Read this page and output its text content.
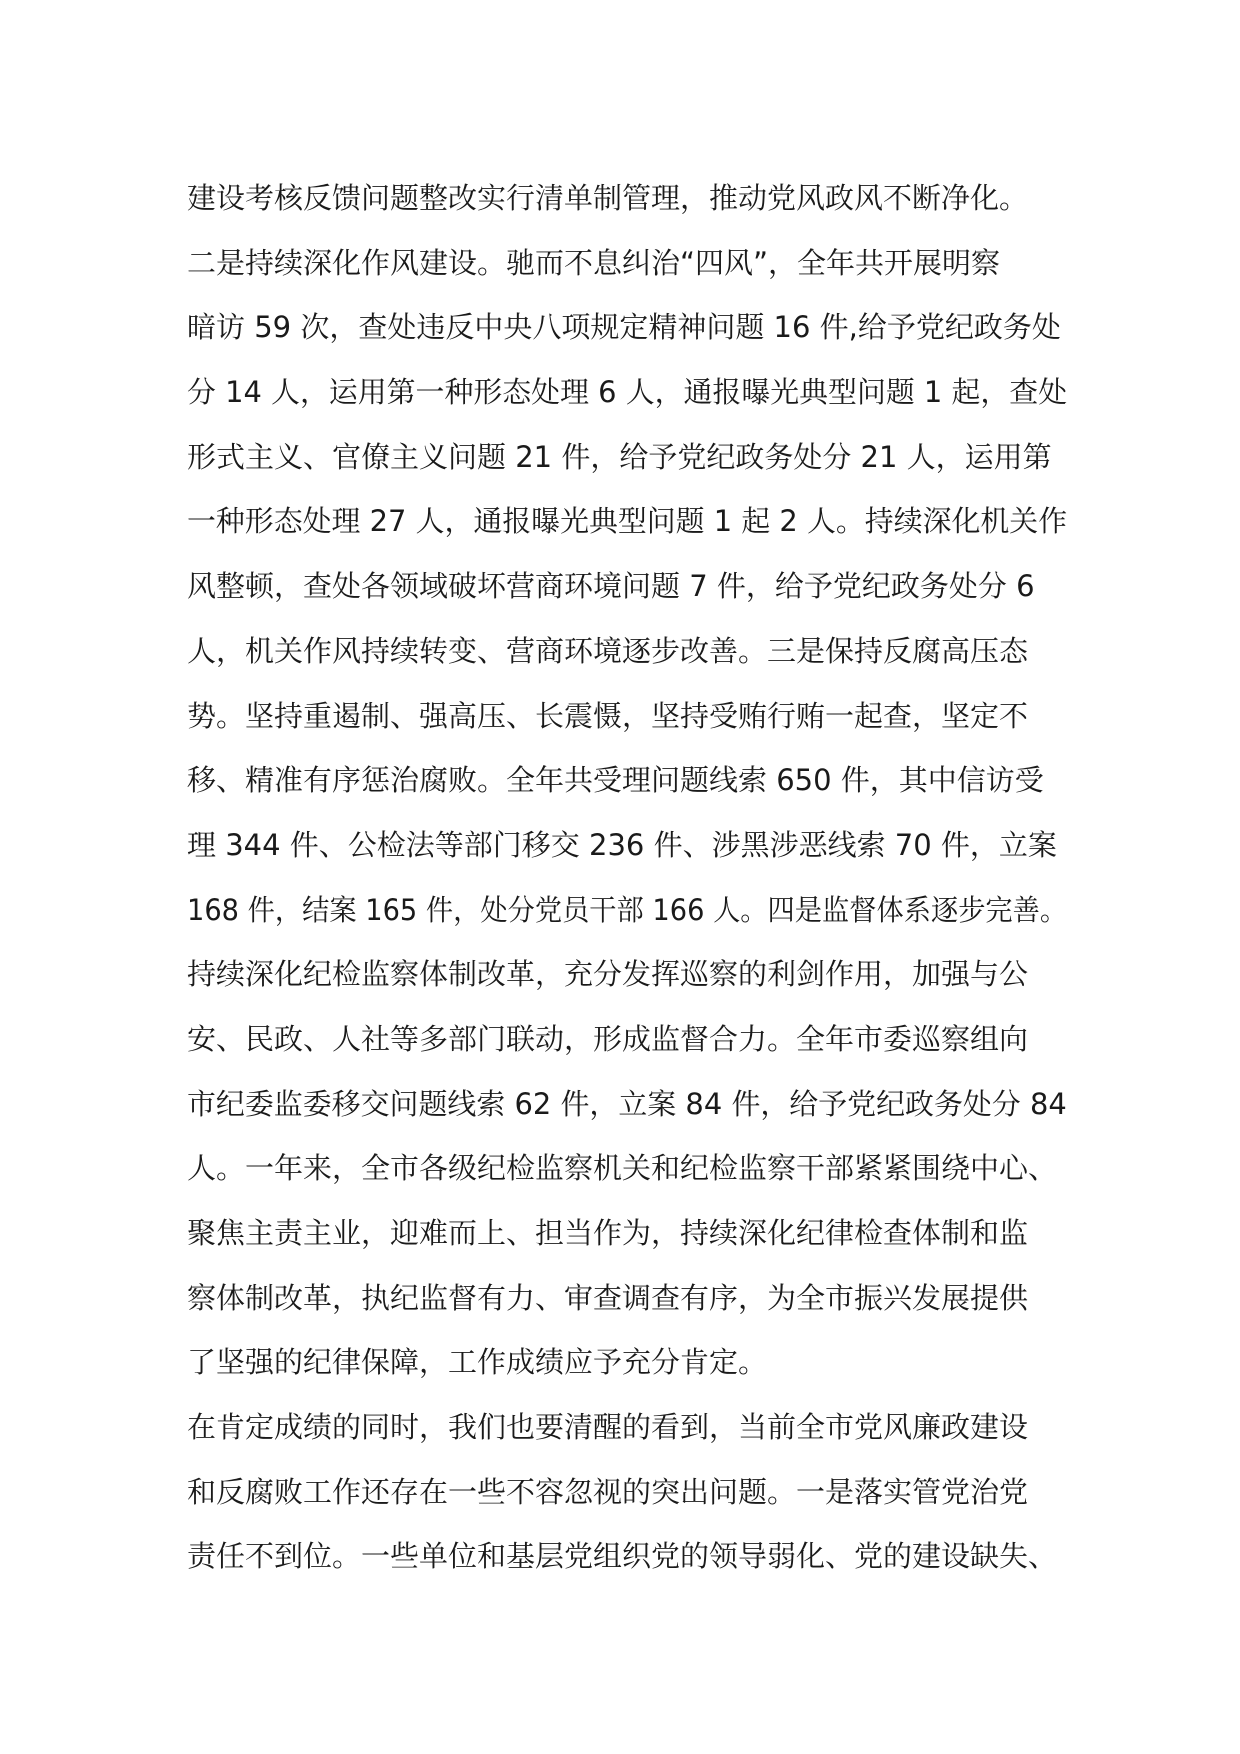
建设考核反馈问题整改实行清单制管理，推动党风政风不断净化。
二是持续深化作风建设。驰而不息纠治“四风”，全年共开展明察
暗访 59 次，查处违反中央八项规定精神问题 16 件,给予党纪政务处
分 14 人，运用第一种形态处理 6 人，通报曝光典型问题 1 起，查处
形式主义、官僚主义问题 21 件，给予党纪政务处分 21 人，运用第
一种形态处理 27 人，通报曝光典型问题 1 起 2 人。持续深化机关作
风整顿，查处各领域破坏营商环境问题 7 件，给予党纪政务处分 6
人，机关作风持续转变、营商环境逐步改善。三是保持反腐高压态
势。坚持重遏制、强高压、长震慑，坚持受贿行贿一起查，坚定不
移、精准有序惩治腐败。全年共受理问题线索 650 件，其中信访受
理 344 件、公检法等部门移交 236 件、涉黑涉恶线索 70 件，立案
168 件，结案 165 件，处分党员干部 166 人。四是监督体系逐步完善。
持续深化纪检监察体制改革，充分发挥巡察的利剑作用，加强与公
安、民政、人社等多部门联动，形成监督合力。全年市委巡察组向
市纪委监委移交问题线索 62 件，立案 84 件，给予党纪政务处分 84
人。一年来，全市各级纪检监察机关和纪检监察干部紧紧围绕中心、
聚焦主责主业，迎难而上、担当作为，持续深化纪律检查体制和监
察体制改革，执纪监督有力、审查调查有序，为全市振兴发展提供
了坚强的纪律保障，工作成绩应予充分肯定。
在肯定成绩的同时，我们也要清醒的看到，当前全市党风廉政建设
和反腐败工作还存在一些不容忽视的突出问题。一是落实管党治党
责任不到位。一些单位和基层党组织党的领导弱化、党的建设缺失、
